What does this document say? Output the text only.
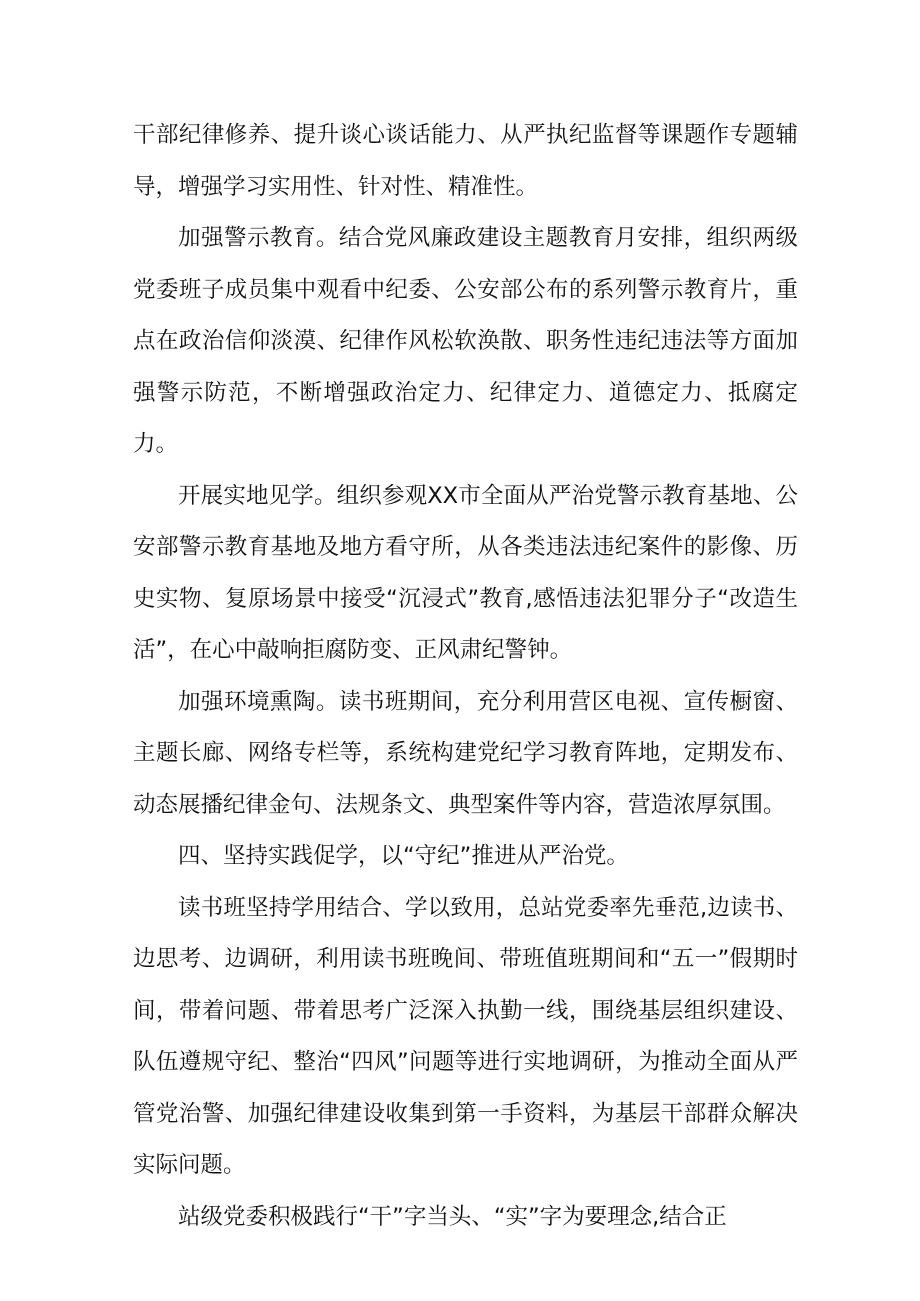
干部纪律修养、提升谈心谈话能力、从严执纪监督等课题作专题辅导，增强学习实用性、针对性、精准性。

加强警示教育。结合党风廉政建设主题教育月安排，组织两级党委班子成员集中观看中纪委、公安部公布的系列警示教育片，重点在政治信仰淡漠、纪律作风松软涣散、职务性违纪违法等方面加强警示防范，不断增强政治定力、纪律定力、道德定力、抵腐定力。

开展实地见学。组织参观XX市全面从严治党警示教育基地、公安部警示教育基地及地方看守所，从各类违法违纪案件的影像、历史实物、复原场景中接受“沉浸式”教育,感悟违法犯罪分子“改造生活”，在心中敲响拒腐防变、正风肃纪警钟。

加强环境熏陶。读书班期间，充分利用营区电视、宣传橱窗、主题长廊、网络专栏等，系统构建党纪学习教育阵地，定期发布、动态展播纪律金句、法规条文、典型案件等内容，营造浓厚氛围。

四、坚持实践促学，以“守纪”推进从严治党。

读书班坚持学用结合、学以致用，总站党委率先垂范,边读书、边思考、边调研，利用读书班晚间、带班值班期间和“五一”假期时间，带着问题、带着思考广泛深入执勤一线，围绕基层组织建设、队伍遵规守纪、整治“四风”问题等进行实地调研，为推动全面从严管党治警、加强纪律建设收集到第一手资料，为基层干部群众解决实际问题。

站级党委积极践行“干”字当头、“实”字为要理念,结合正
